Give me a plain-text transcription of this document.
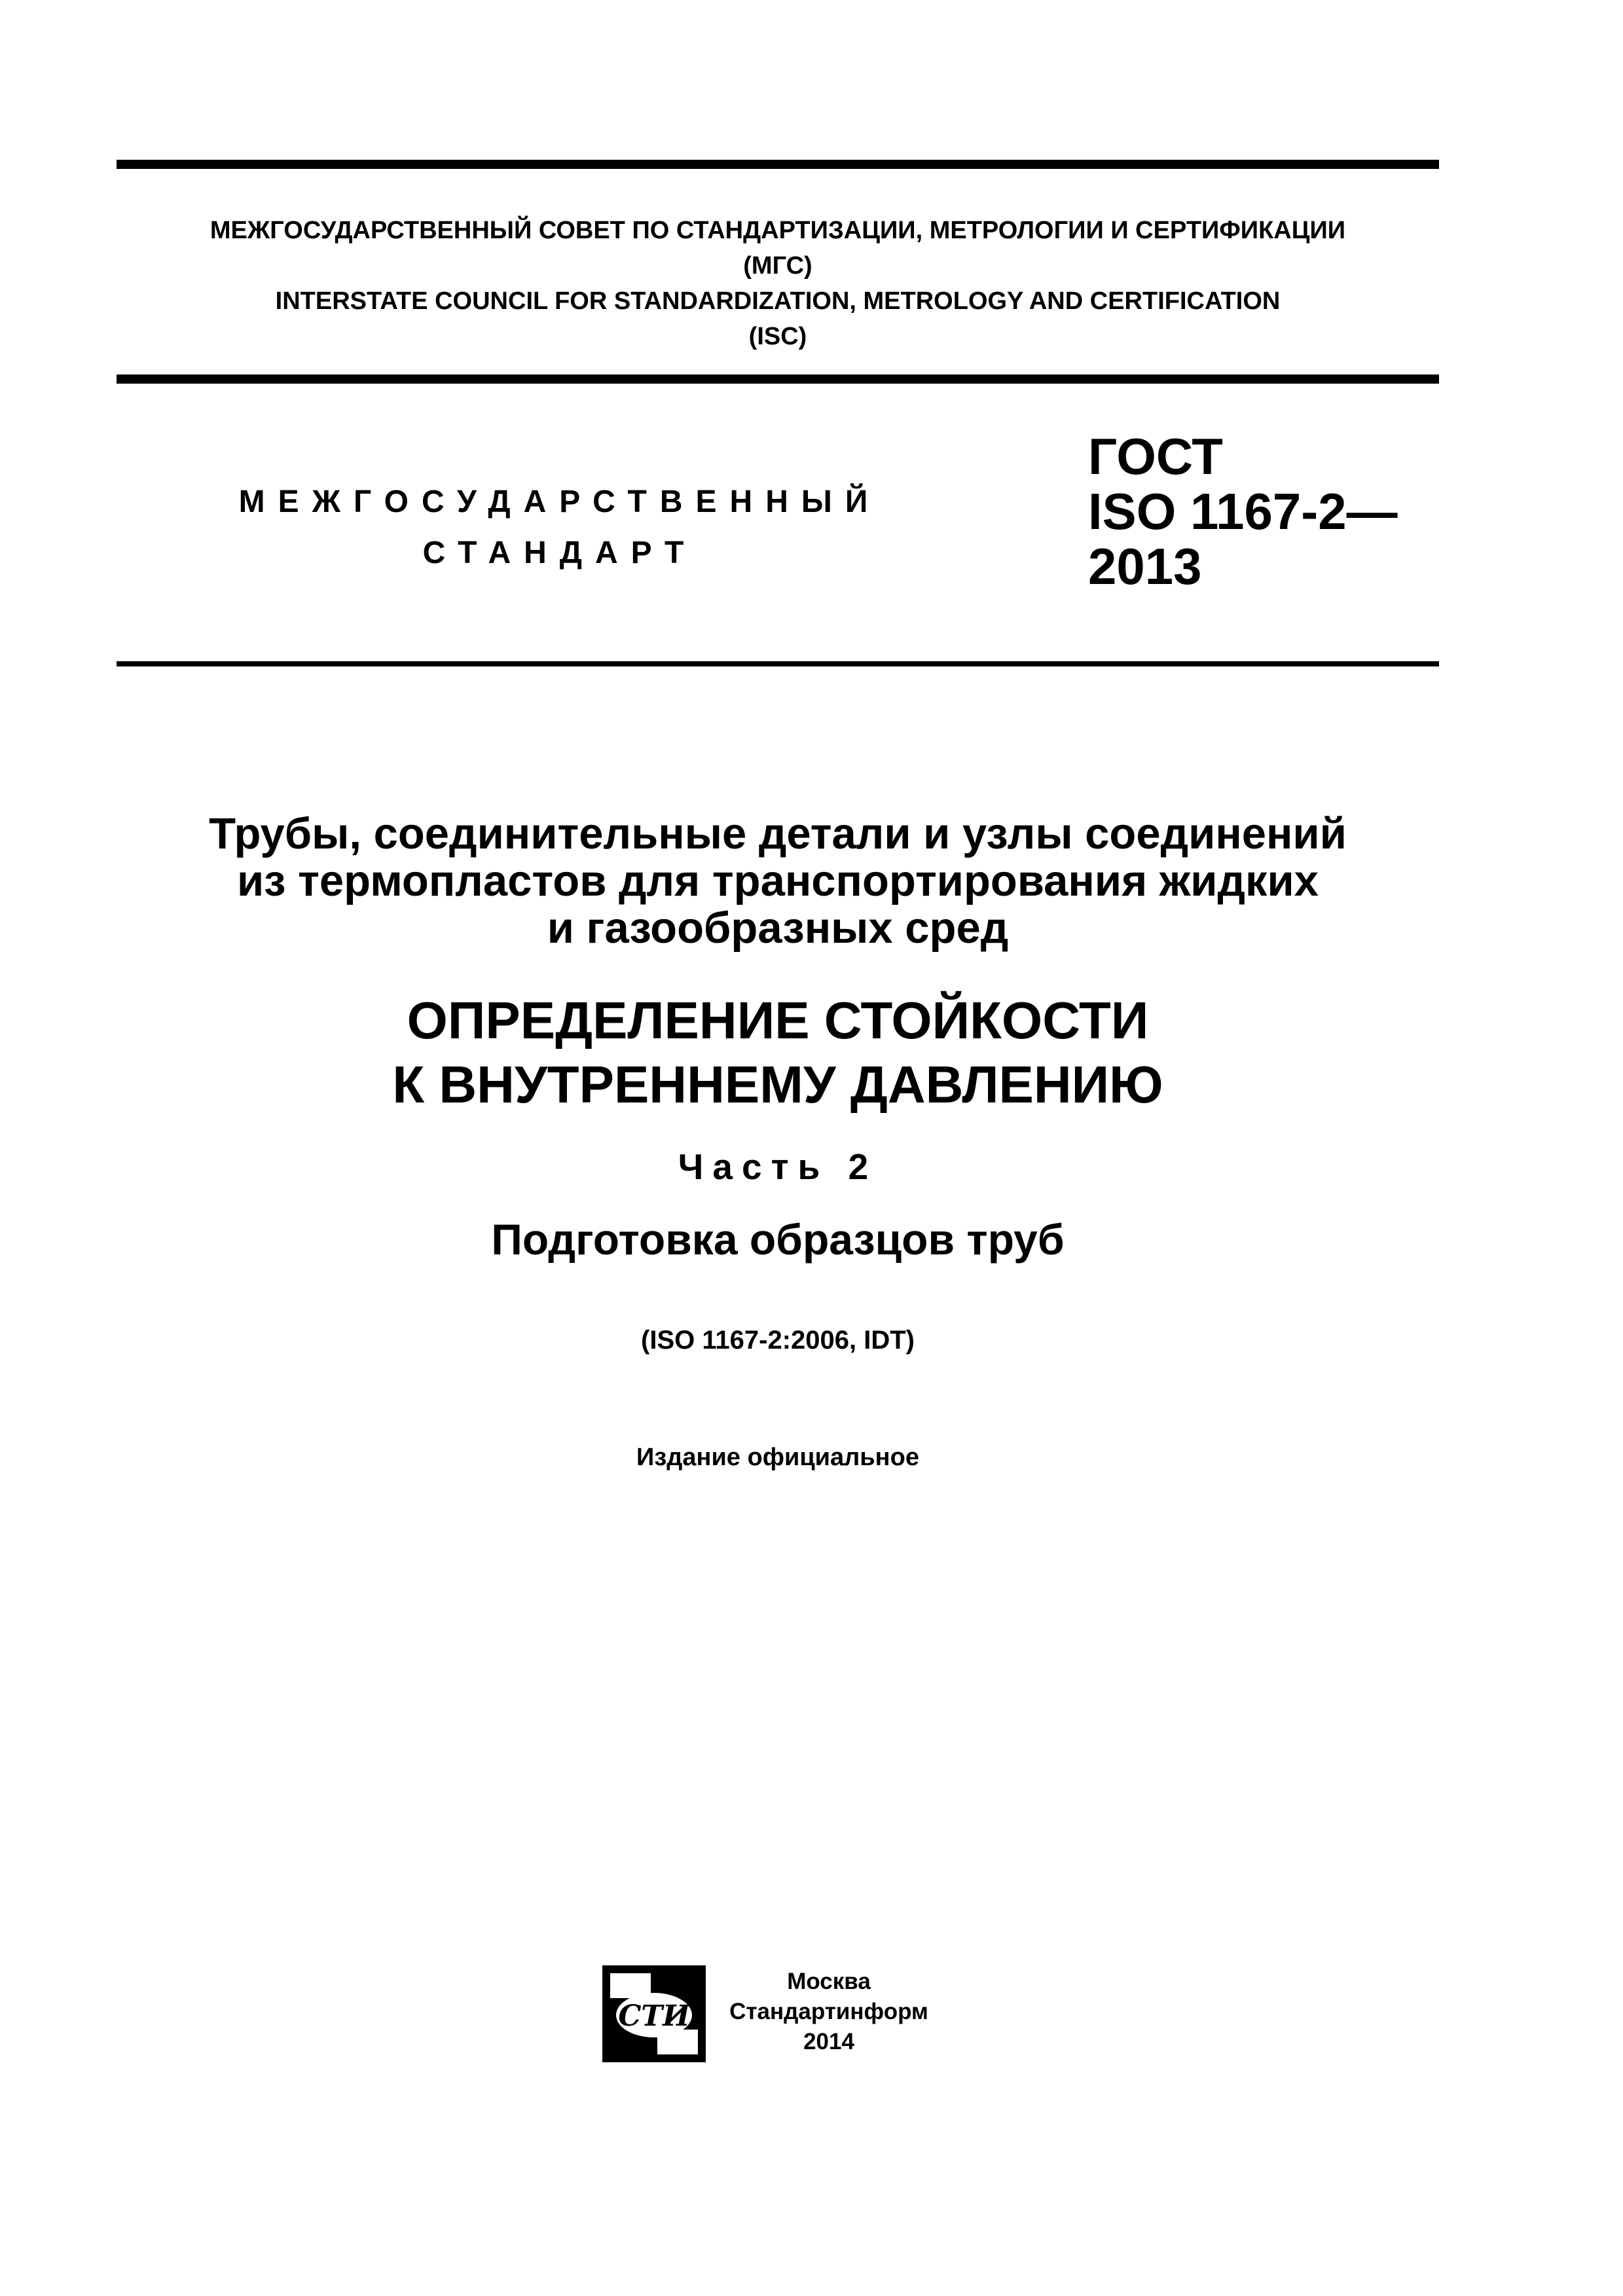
МЕЖГОСУДАРСТВЕННЫЙ СОВЕТ ПО СТАНДАРТИЗАЦИИ, МЕТРОЛОГИИ И СЕРТИФИКАЦИИ
(МГС)
INTERSTATE COUNCIL FOR STANDARDIZATION, METROLOGY AND CERTIFICATION
(ISC)
МЕЖГОСУДАРСТВЕННЫЙ
СТАНДАРТ
ГОСТ
ISO 1167-2—
2013
Трубы, соединительные детали и узлы соединений
из термопластов для транспортирования жидких
и газообразных сред
ОПРЕДЕЛЕНИЕ СТОЙКОСТИ
К ВНУТРЕННЕМУ ДАВЛЕНИЮ
Часть 2
Подготовка образцов труб
(ISO 1167-2:2006, IDT)
Издание официальное
СТИ
Москва
Стандартинформ
2014
